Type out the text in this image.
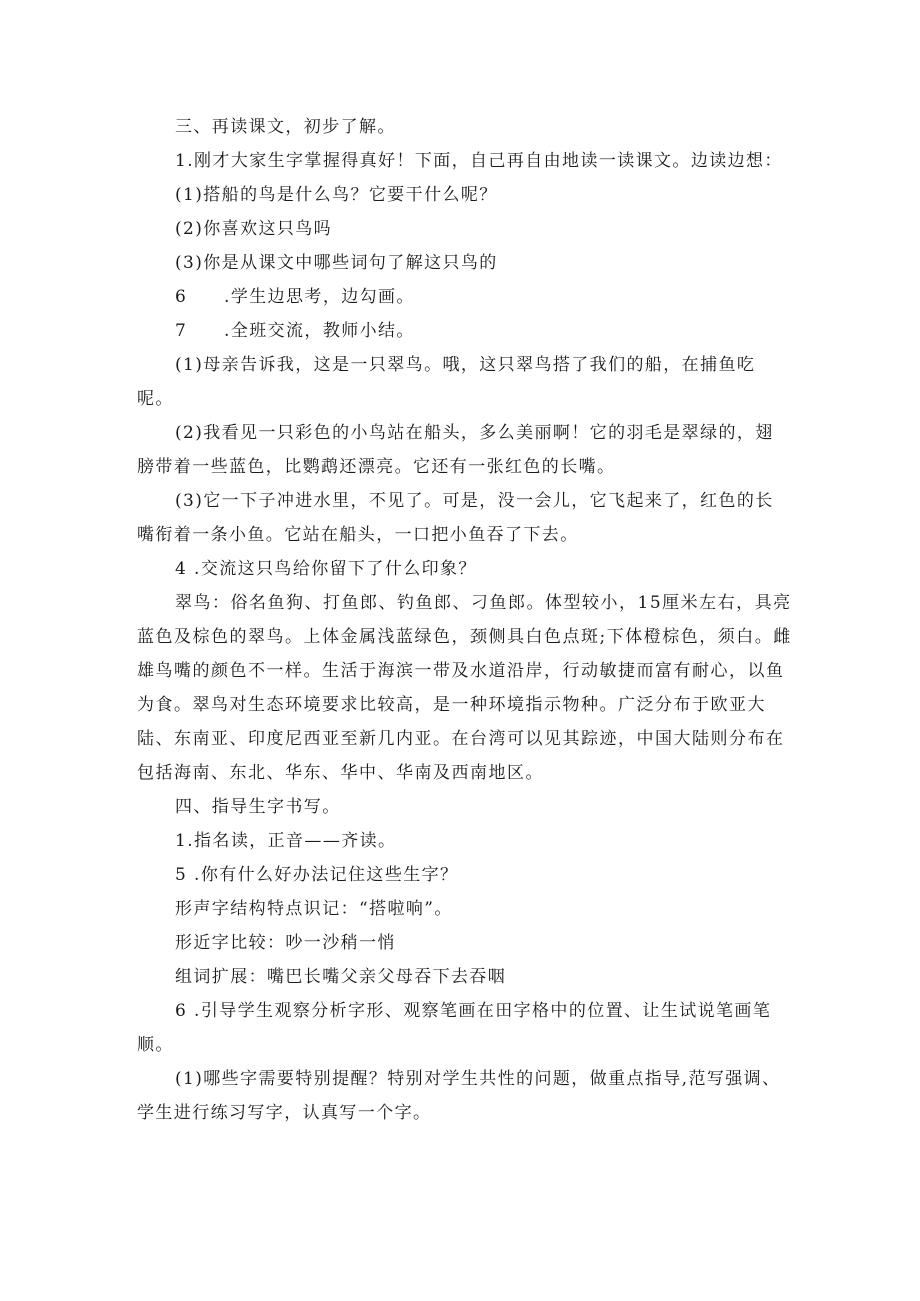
三、再读课文，初步了解。

1.刚才大家生字掌握得真好！下面，自己再自由地读一读课文。边读边想：

(1)搭船的鸟是什么鸟？它要干什么呢？

(2)你喜欢这只鸟吗

(3)你是从课文中哪些词句了解这只鸟的

6　　.学生边思考，边勾画。

7　　.全班交流，教师小结。

(1)母亲告诉我，这是一只翠鸟。哦，这只翠鸟搭了我们的船，在捕鱼吃呢。

(2)我看见一只彩色的小鸟站在船头，多么美丽啊！它的羽毛是翠绿的，翅膀带着一些蓝色，比鹦鹉还漂亮。它还有一张红色的长嘴。

(3)它一下子冲进水里，不见了。可是，没一会儿，它飞起来了，红色的长嘴衔着一条小鱼。它站在船头，一口把小鱼吞了下去。

4 .交流这只鸟给你留下了什么印象？

翠鸟：俗名鱼狗、打鱼郎、钓鱼郎、刁鱼郎。体型较小，15厘米左右，具亮蓝色及棕色的翠鸟。上体金属浅蓝绿色，颈侧具白色点斑;下体橙棕色，须白。雌雄鸟嘴的颜色不一样。生活于海滨一带及水道沿岸，行动敏捷而富有耐心，以鱼为食。翠鸟对生态环境要求比较高，是一种环境指示物种。广泛分布于欧亚大陆、东南亚、印度尼西亚至新几内亚。在台湾可以见其踪迹，中国大陆则分布在包括海南、东北、华东、华中、华南及西南地区。

四、指导生字书写。

1.指名读，正音——齐读。

5 .你有什么好办法记住这些生字？

形声字结构特点识记：“搭啦响”。

形近字比较：吵一沙稍一悄

组词扩展：嘴巴长嘴父亲父母吞下去吞咽

6 .引导学生观察分析字形、观察笔画在田字格中的位置、让生试说笔画笔顺。

(1)哪些字需要特别提醒？特别对学生共性的问题，做重点指导,范写强调、学生进行练习写字，认真写一个字。
